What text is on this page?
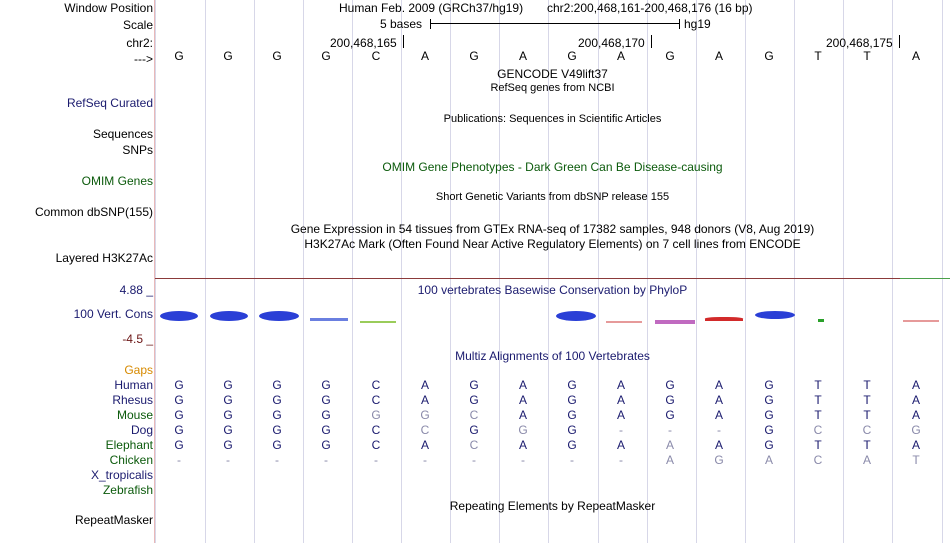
Window Position	Human Feb. 2009 (GRCh37/hg19) chr2:200,468,161-200,468,176 (16 bp)
Scale	5 bases	hg19
chr2:	200,468,165	200,468,170	200,468,175
--->	G	G	G	G	C	A	G	A	G	A	G	A	G	T	T	A
GENCODE V49lift37
RefSeq genes from NCBI
RefSeq Curated
Publications: Sequences in Scientific Articles
Sequences
SNPs
OMIM Gene Phenotypes - Dark Green Can Be Disease-causing
OMIM Genes
Short Genetic Variants from dbSNP release 155
Common dbSNP(155)
Gene Expression in 54 tissues from GTEx RNA-seq of 17382 samples, 948 donors (V8, Aug 2019)
H3K27Ac Mark (Often Found Near Active Regulatory Elements) on 7 cell lines from ENCODE
Layered H3K27Ac
4.88 _	100 vertebrates Basewise Conservation by PhyloP
100 Vert. Cons
-4.5 _
Multiz Alignments of 100 Vertebrates
Gaps
Human	G	G	G	G	C	A	G	A	G	A	G	A	G	T	T	A
Rhesus	G	G	G	G	C	A	G	A	G	A	G	A	G	T	T	A
Mouse	G	G	G	G	G	G	C	A	G	A	G	A	G	T	T	A
Dog	G	G	G	G	C	C	G	G	G	-	-	-	G	C	C	G
Elephant	G	G	G	G	C	A	C	A	G	A	A	A	G	T	T	A
Chicken	-	-	-	-	-	-	-	-	-	-	A	G	A	C	A	T
X_tropicalis
Zebrafish
Repeating Elements by RepeatMasker
RepeatMasker
